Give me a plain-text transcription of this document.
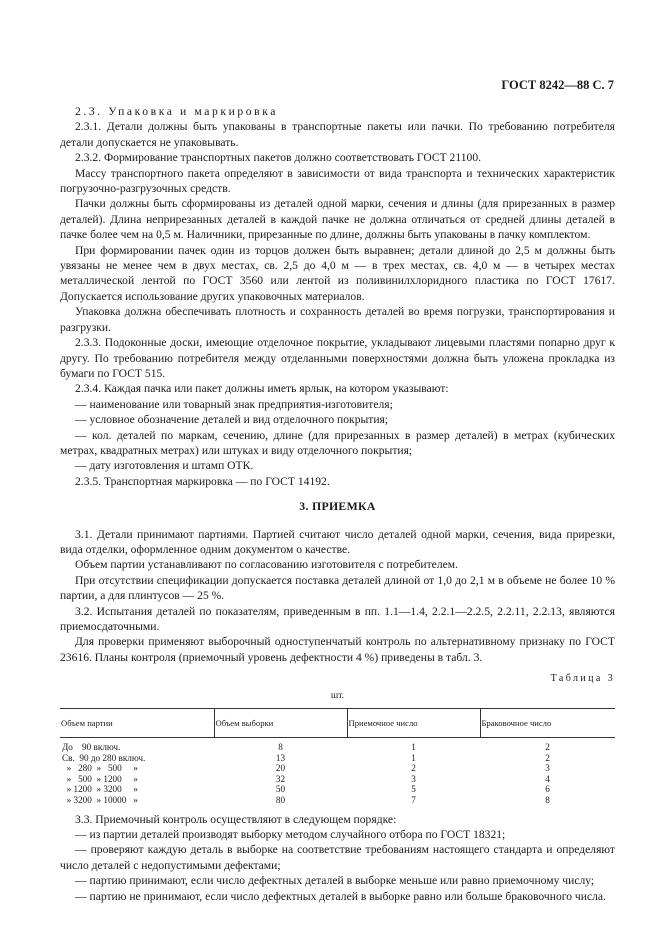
ГОСТ 8242—88 С. 7

2.3. Упаковка и маркировка

2.3.1. Детали должны быть упакованы в транспортные пакеты или пачки. По требованию потребителя детали допускается не упаковывать.

2.3.2. Формирование транспортных пакетов должно соответствовать ГОСТ 21100.

Массу транспортного пакета определяют в зависимости от вида транспорта и технических характеристик погрузочно-разгрузочных средств.

Пачки должны быть сформированы из деталей одной марки, сечения и длины (для прирезанных в размер деталей). Длина неприрезанных деталей в каждой пачке не должна отличаться от средней длины деталей в пачке более чем на 0,5 м. Наличники, прирезанные по длине, должны быть упакованы в пачку комплектом.

При формировании пачек один из торцов должен быть выравнен; детали длиной до 2,5 м должны быть увязаны не менее чем в двух местах, св. 2,5 до 4,0 м — в трех местах, св. 4,0 м — в четырех местах металлической лентой по ГОСТ 3560 или лентой из поливинилхлоридного пластика по ГОСТ 17617. Допускается использование других упаковочных материалов.

Упаковка должна обеспечивать плотность и сохранность деталей во время погрузки, транспортирования и разгрузки.

2.3.3. Подоконные доски, имеющие отделочное покрытие, укладывают лицевыми пластями попарно друг к другу. По требованию потребителя между отделанными поверхностями должна быть уложена прокладка из бумаги по ГОСТ 515.

2.3.4. Каждая пачка или пакет должны иметь ярлык, на котором указывают:

— наименование или товарный знак предприятия-изготовителя;

— условное обозначение деталей и вид отделочного покрытия;

— кол. деталей по маркам, сечению, длине (для прирезанных в размер деталей) в метрах (кубических метрах, квадратных метрах) или штуках и виду отделочного покрытия;

— дату изготовления и штамп ОТК.

2.3.5. Транспортная маркировка — по ГОСТ 14192.

3. ПРИЕМКА

3.1. Детали принимают партиями. Партией считают число деталей одной марки, сечения, вида прирезки, вида отделки, оформленное одним документом о качестве.

Объем партии устанавливают по согласованию изготовителя с потребителем.

При отсутствии спецификации допускается поставка деталей длиной от 1,0 до 2,1 м в объеме не более 10 % партии, а для плинтусов — 25 %.

3.2. Испытания деталей по показателям, приведенным в пп. 1.1—1.4, 2.2.1—2.2.5, 2.2.11, 2.2.13, являются приемосдаточными.

Для проверки применяют выборочный одноступенчатый контроль по альтернативному признаку по ГОСТ 23616. Планы контроля (приемочный уровень дефектности 4 %) приведены в табл. 3.

Таблица 3

шт.

Объем партии	Объем выборки	Приемочное число	Браковочное число
До    90 включ.	8	1	2
Св.  90 до 280 включ.	13	1	2
»   280  »   500     »	20	2	3
»   500  » 1200     »	32	3	4
» 1200  » 3200     »	50	5	6
» 3200  » 10000   »	80	7	8

3.3. Приемочный контроль осуществляют в следующем порядке:

— из партии деталей производят выборку методом случайного отбора по ГОСТ 18321;

— проверяют каждую деталь в выборке на соответствие требованиям настоящего стандарта и определяют число деталей с недопустимыми дефектами;

— партию принимают, если число дефектных деталей в выборке меньше или равно приемочному числу;

— партию не принимают, если число дефектных деталей в выборке равно или больше браковочного числа.
